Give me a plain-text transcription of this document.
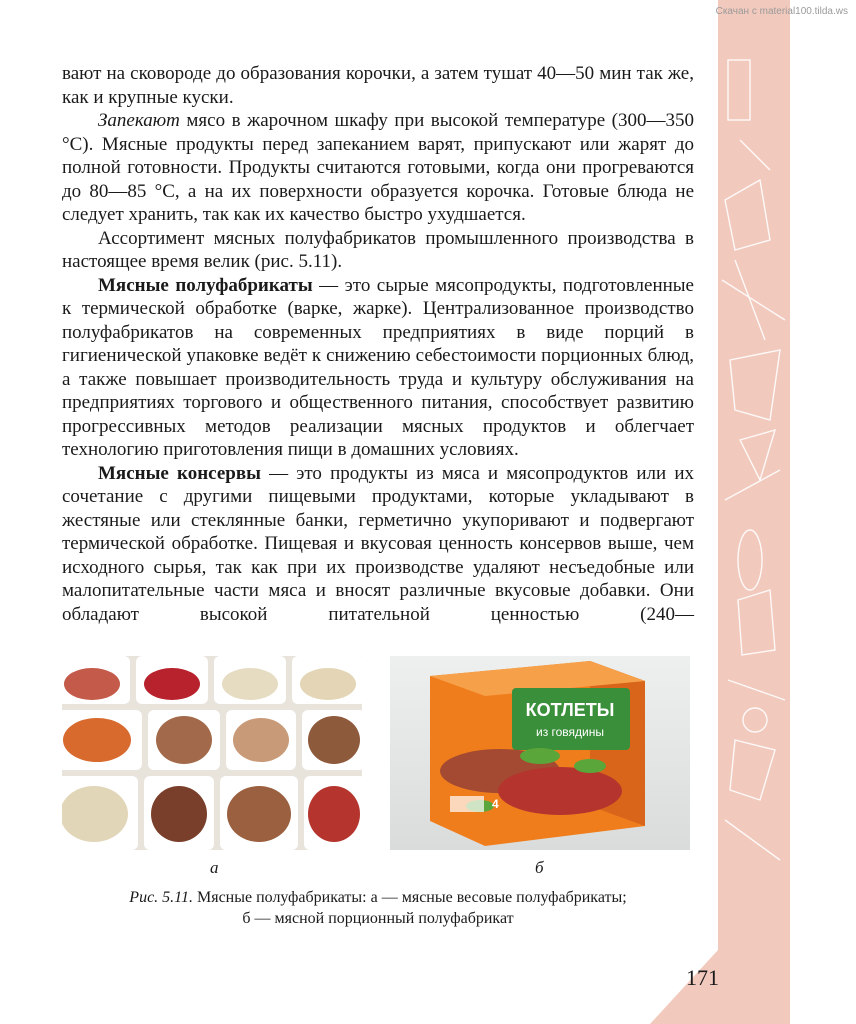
Скачан с material100.tilda.ws

вают на сковороде до образования корочки, а затем тушат 40—50 мин так же, как и крупные куски.

Запекают мясо в жарочном шкафу при высокой температуре (300—350 °С). Мясные продукты перед запеканием варят, припускают или жарят до полной готовности. Продукты считаются готовыми, когда они прогреваются до 80—85 °С, а на их поверхности образуется корочка. Готовые блюда не следует хранить, так как их качество быстро ухудшается.

Ассортимент мясных полуфабрикатов промышленного производства в настоящее время велик (рис. 5.11).

Мясные полуфабрикаты — это сырые мясопродукты, подготовленные к термической обработке (варке, жарке). Централизованное производство полуфабрикатов на современных предприятиях в виде порций в гигиенической упаковке ведёт к снижению себестоимости порционных блюд, а также повышает производительность труда и культуру обслуживания на предприятиях торгового и общественного питания, способствует развитию прогрессивных методов реализации мясных продуктов и облегчает технологию приготовления пищи в домашних условиях.

Мясные консервы — это продукты из мяса и мясопродуктов или их сочетание с другими пищевыми продуктами, которые укладывают в жестяные или стеклянные банки, герметично укупоривают и подвергают термической обработке. Пищевая и вкусовая ценность консервов выше, чем исходного сырья, так как при их производстве удаляют несъедобные или малопитательные части мяса и вносят различные вкусовые добавки. Они обладают высокой питательной ценностью (240—

КОТЛЕТЫ
из говядины
4
а	б
Рис. 5.11. Мясные полуфабрикаты: а — мясные весовые полуфабрикаты;
б — мясной порционный полуфабрикат
171
